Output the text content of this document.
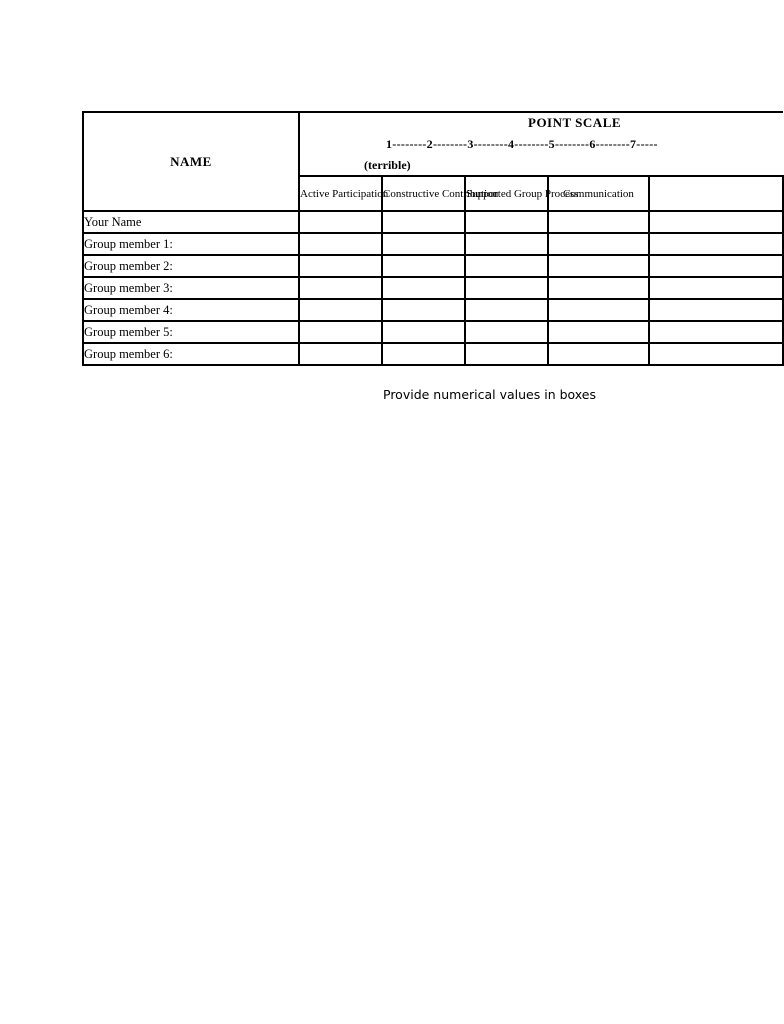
NAME	POINT SCALE
1--------2--------3--------4--------5--------6--------7-----
(terrible)				

	Active Participation	Constructive Contribution	Supported Group Process	Communication	
Your Name					
Group member 1:					
Group member 2:					
Group member 3:					
Group member 4:					
Group member 5:					
Group member 6:					
Provide numerical values in boxes
